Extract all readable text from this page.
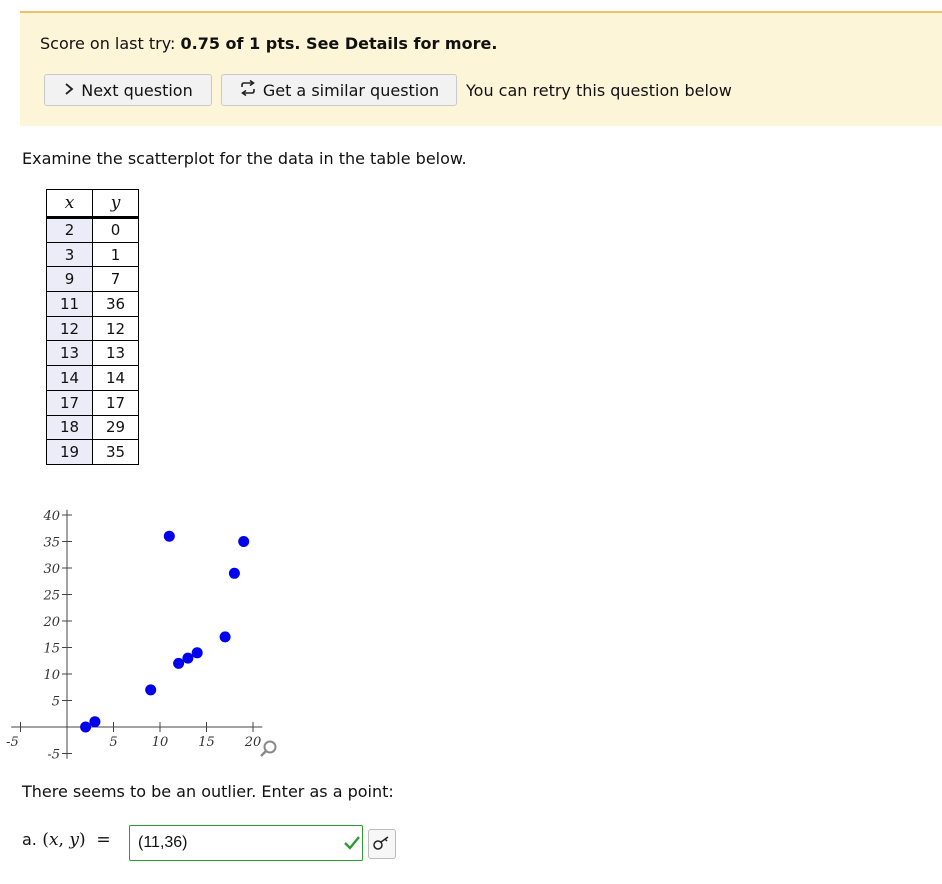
Score on last try: 0.75 of 1 pts. See Details for more.
Next question	Get a similar question You can retry this question below
Examine the scatterplot for the data in the table below.
x	y
2	0
3	1
9	7
11	36
12	12
13	13
14	14
17	17
18	29
19	35
-5	5	10 15 20
-5
5
10
15
20
25
30
35
40
There seems to be an outlier. Enter as a point:
a. (x, y)  =
(11,36)
